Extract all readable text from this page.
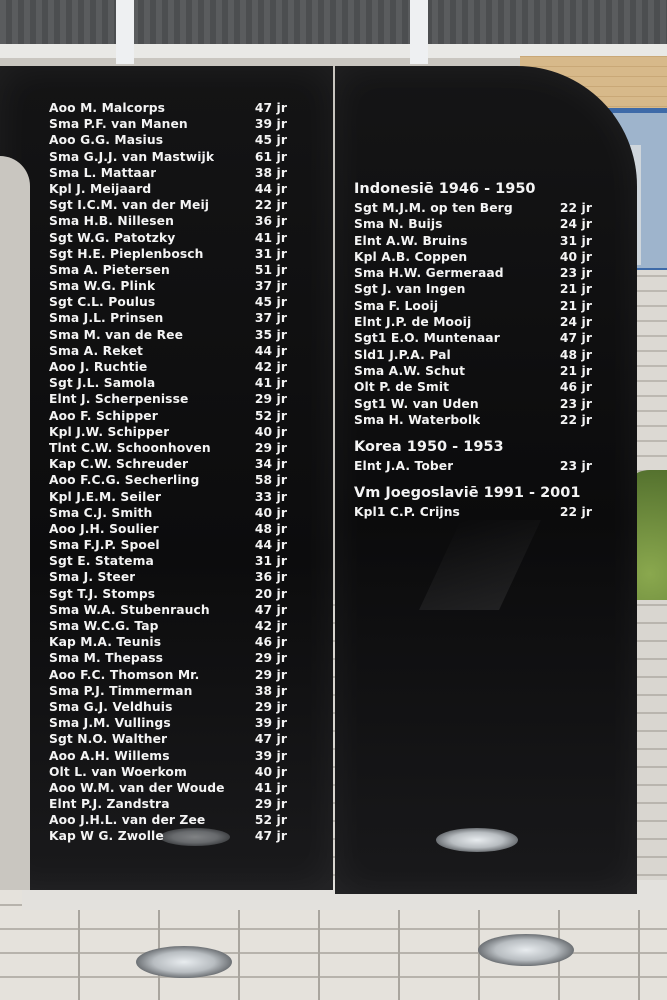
Aoo M. Malcorps	47 jr
Sma P.F. van Manen	39 jr
Aoo G.G. Masius	45 jr
Sma G.J.J. van Mastwijk	61 jr
Sma L. Mattaar	38 jr
Kpl J. Meijaard	44 jr
Sgt I.C.M. van der Meij	22 jr
Sma H.B. Nillesen	36 jr
Sgt W.G. Patotzky	41 jr
Sgt H.E. Pieplenbosch	31 jr
Sma A. Pietersen	51 jr
Sma W.G. Plink	37 jr
Sgt C.L. Poulus	45 jr
Sma J.L. Prinsen	37 jr
Sma M. van de Ree	35 jr
Sma A. Reket	44 jr
Aoo J. Ruchtie	42 jr
Sgt J.L. Samola	41 jr
Elnt J. Scherpenisse	29 jr
Aoo F. Schipper	52 jr
Kpl J.W. Schipper	40 jr
Tlnt C.W. Schoonhoven	29 jr
Kap C.W. Schreuder	34 jr
Aoo F.C.G. Secherling	58 jr
Kpl J.E.M. Seiler	33 jr
Sma C.J. Smith	40 jr
Aoo J.H. Soulier	48 jr
Sma F.J.P. Spoel	44 jr
Sgt E. Statema	31 jr
Sma J. Steer	36 jr
Sgt T.J. Stomps	20 jr
Sma W.A. Stubenrauch	47 jr
Sma W.C.G. Tap	42 jr
Kap M.A. Teunis	46 jr
Sma M. Thepass	29 jr
Aoo F.C. Thomson Mr.	29 jr
Sma P.J. Timmerman	38 jr
Sma G.J. Veldhuis	29 jr
Sma J.M. Vullings	39 jr
Sgt N.O. Walther	47 jr
Aoo A.H. Willems	39 jr
Olt L. van Woerkom	40 jr
Aoo W.M. van der Woude	41 jr
Elnt P.J. Zandstra	29 jr
Aoo J.H.L. van der Zee	52 jr
Kap W G. Zwolle	47 jr
Indonesiē 1946 - 1950
Sgt M.J.M. op ten Berg	22 jr
Sma N. Buijs	24 jr
Elnt A.W. Bruins	31 jr
Kpl A.B. Coppen	40 jr
Sma H.W. Germeraad	23 jr
Sgt J. van Ingen	21 jr
Sma F. Looij	21 jr
Elnt J.P. de Mooij	24 jr
Sgt1 E.O. Muntenaar	47 jr
Sld1 J.P.A. Pal	48 jr
Sma A.W. Schut	21 jr
Olt P. de Smit	46 jr
Sgt1 W. van Uden	23 jr
Sma H. Waterbolk	22 jr
Korea 1950 - 1953
Elnt J.A. Tober	23 jr
Vm Joegoslaviē 1991 - 2001
Kpl1 C.P. Crijns	22 jr
